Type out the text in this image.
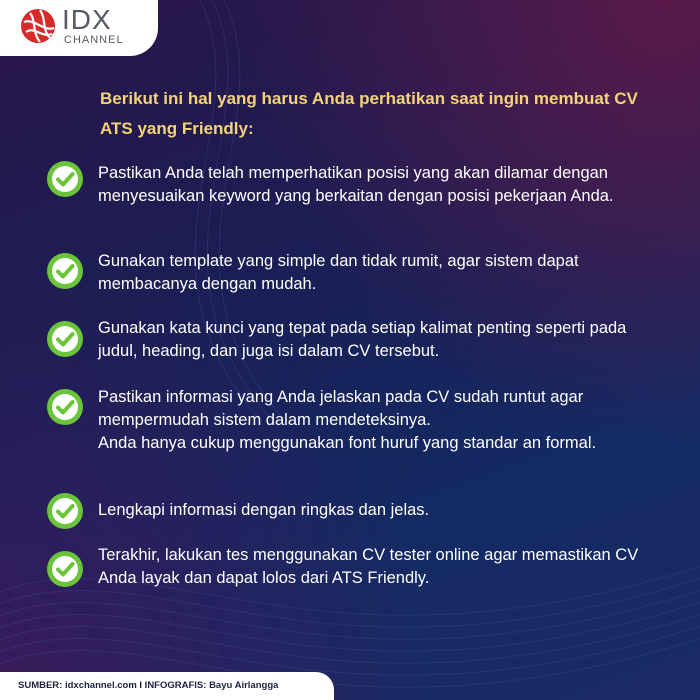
IDX
CHANNEL
Berikut ini hal yang harus Anda perhatikan saat ingin membuat CV ATS yang Friendly:
Pastikan Anda telah memperhatikan posisi yang akan dilamar dengan menyesuaikan keyword yang berkaitan dengan posisi pekerjaan Anda.
Gunakan template yang simple dan tidak rumit, agar sistem dapat membacanya dengan mudah.
Gunakan kata kunci yang tepat pada setiap kalimat penting seperti pada judul, heading, dan juga isi dalam CV tersebut.
Pastikan informasi yang Anda jelaskan pada CV sudah runtut agar mempermudah sistem dalam mendeteksinya.
Anda hanya cukup menggunakan font huruf yang standar an formal.
Lengkapi informasi dengan ringkas dan jelas.
Terakhir, lakukan tes menggunakan CV tester online agar memastikan CV Anda layak dan dapat lolos dari ATS Friendly.
SUMBER: idxchannel.com I INFOGRAFIS: Bayu Airlangga
